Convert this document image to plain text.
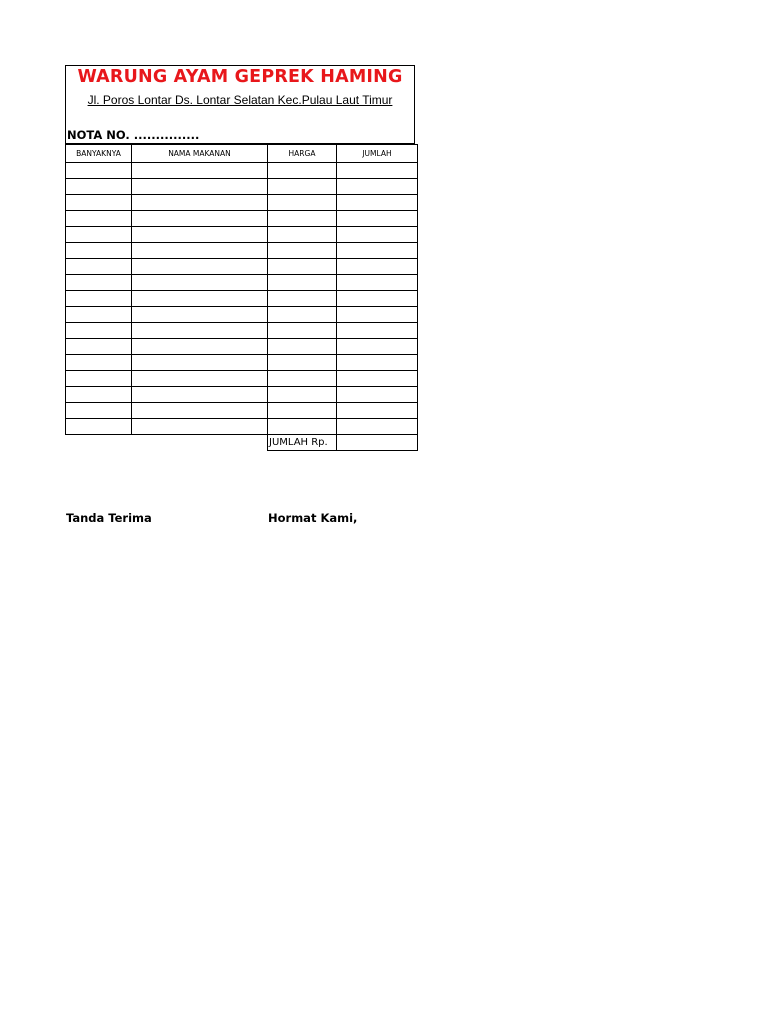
WARUNG AYAM GEPREK HAMING
Jl. Poros Lontar Ds. Lontar Selatan Kec.Pulau Laut Timur
NOTA NO. ...............
BANYAKNYA	NAMA MAKANAN	HARGA	JUMLAH

		JUMLAH Rp.	
Tanda Terima	Hormat Kami,
